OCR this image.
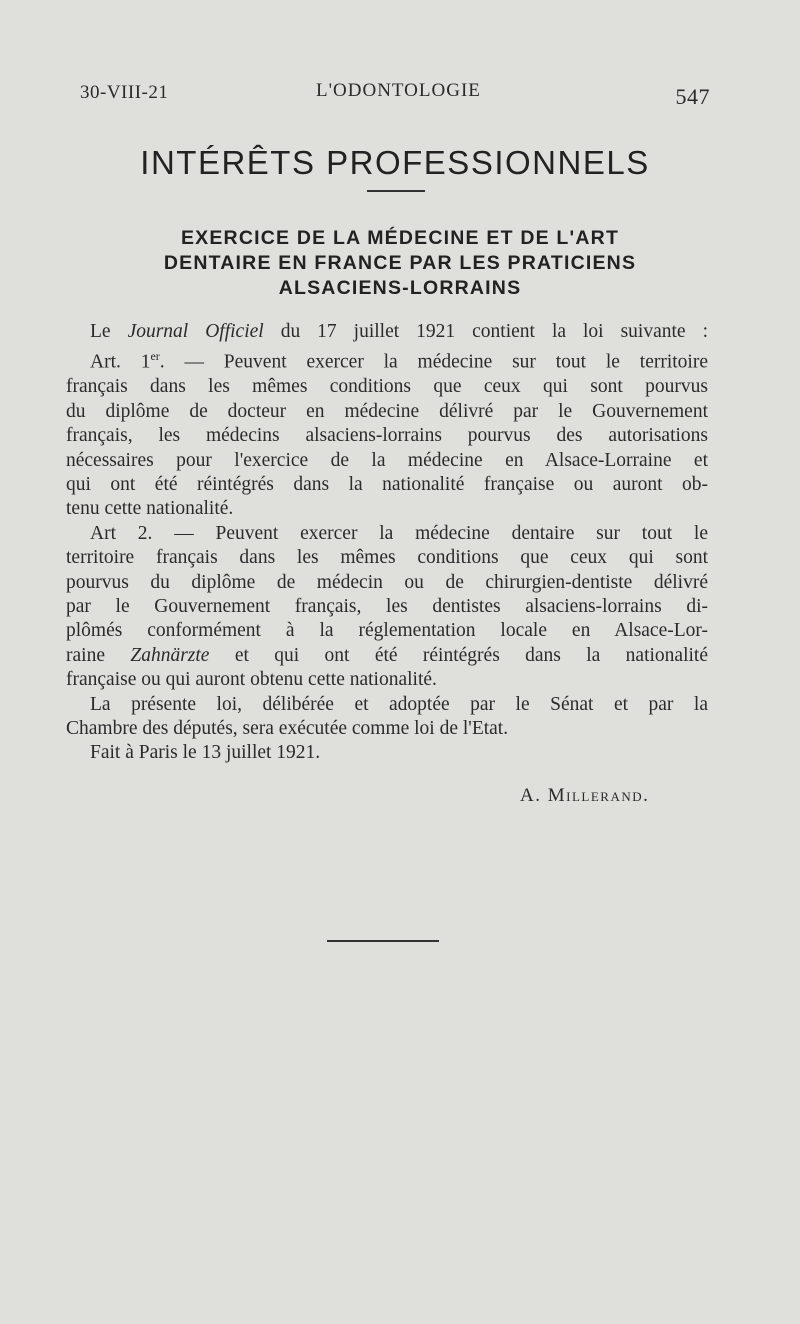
30-VIII-21	L'ODONTOLOGIE	547
INTÉRÊTS PROFESSIONNELS
EXERCICE DE LA MÉDECINE ET DE L'ART
DENTAIRE EN FRANCE PAR LES PRATICIENS
ALSACIENS-LORRAINS
Le Journal Officiel du 17 juillet 1921 contient la loi suivante :
Art. 1er. — Peuvent exercer la médecine sur tout le territoire
français dans les mêmes conditions que ceux qui sont pourvus
du diplôme de docteur en médecine délivré par le Gouvernement
français, les médecins alsaciens-lorrains pourvus des autorisations
nécessaires pour l'exercice de la médecine en Alsace-Lorraine et
qui ont été réintégrés dans la nationalité française ou auront ob-
tenu cette nationalité.
Art 2. — Peuvent exercer la médecine dentaire sur tout le
territoire français dans les mêmes conditions que ceux qui sont
pourvus du diplôme de médecin ou de chirurgien-dentiste délivré
par le Gouvernement français, les dentistes alsaciens-lorrains di-
plômés conformément à la réglementation locale en Alsace-Lor-
raine Zahnärzte et qui ont été réintégrés dans la nationalité
française ou qui auront obtenu cette nationalité.
La présente loi, délibérée et adoptée par le Sénat et par la
Chambre des députés, sera exécutée comme loi de l'Etat.
Fait à Paris le 13 juillet 1921.
A. Millerand.
